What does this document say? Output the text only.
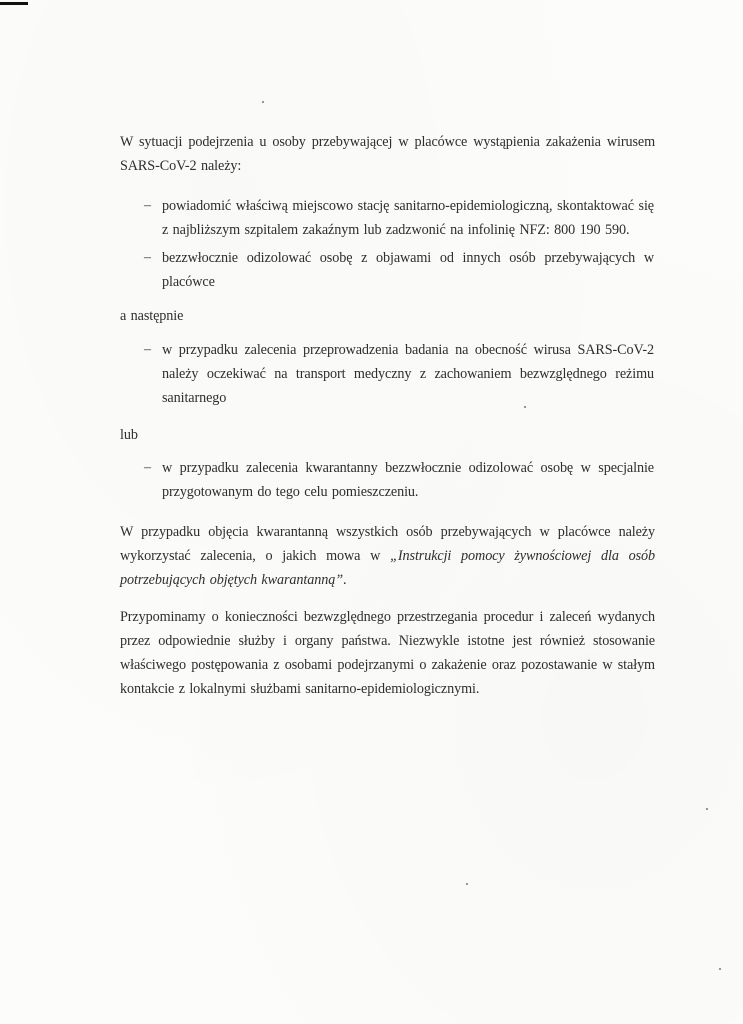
W sytuacji podejrzenia u osoby przebywającej w placówce wystąpienia zakażenia wirusem SARS-CoV-2 należy:

– powiadomić właściwą miejscowo stację sanitarno-epidemiologiczną, skontaktować się z najbliższym szpitalem zakaźnym lub zadzwonić na infolinię NFZ: 800 190 590.

– bezzwłocznie odizolować osobę z objawami od innych osób przebywających w placówce

a następnie

– w przypadku zalecenia przeprowadzenia badania na obecność wirusa SARS-CoV-2 należy oczekiwać na transport medyczny z zachowaniem bezwzględnego reżimu sanitarnego

lub

– w przypadku zalecenia kwarantanny bezzwłocznie odizolować osobę w specjalnie przygotowanym do tego celu pomieszczeniu.

W przypadku objęcia kwarantanną wszystkich osób przebywających w placówce należy wykorzystać zalecenia, o jakich mowa w „Instrukcji pomocy żywnościowej dla osób potrzebujących objętych kwarantanną”.

Przypominamy o konieczności bezwzględnego przestrzegania procedur i zaleceń wydanych przez odpowiednie służby i organy państwa. Niezwykle istotne jest również stosowanie właściwego postępowania z osobami podejrzanymi o zakażenie oraz pozostawanie w stałym kontakcie z lokalnymi służbami sanitarno-epidemiologicznymi.
